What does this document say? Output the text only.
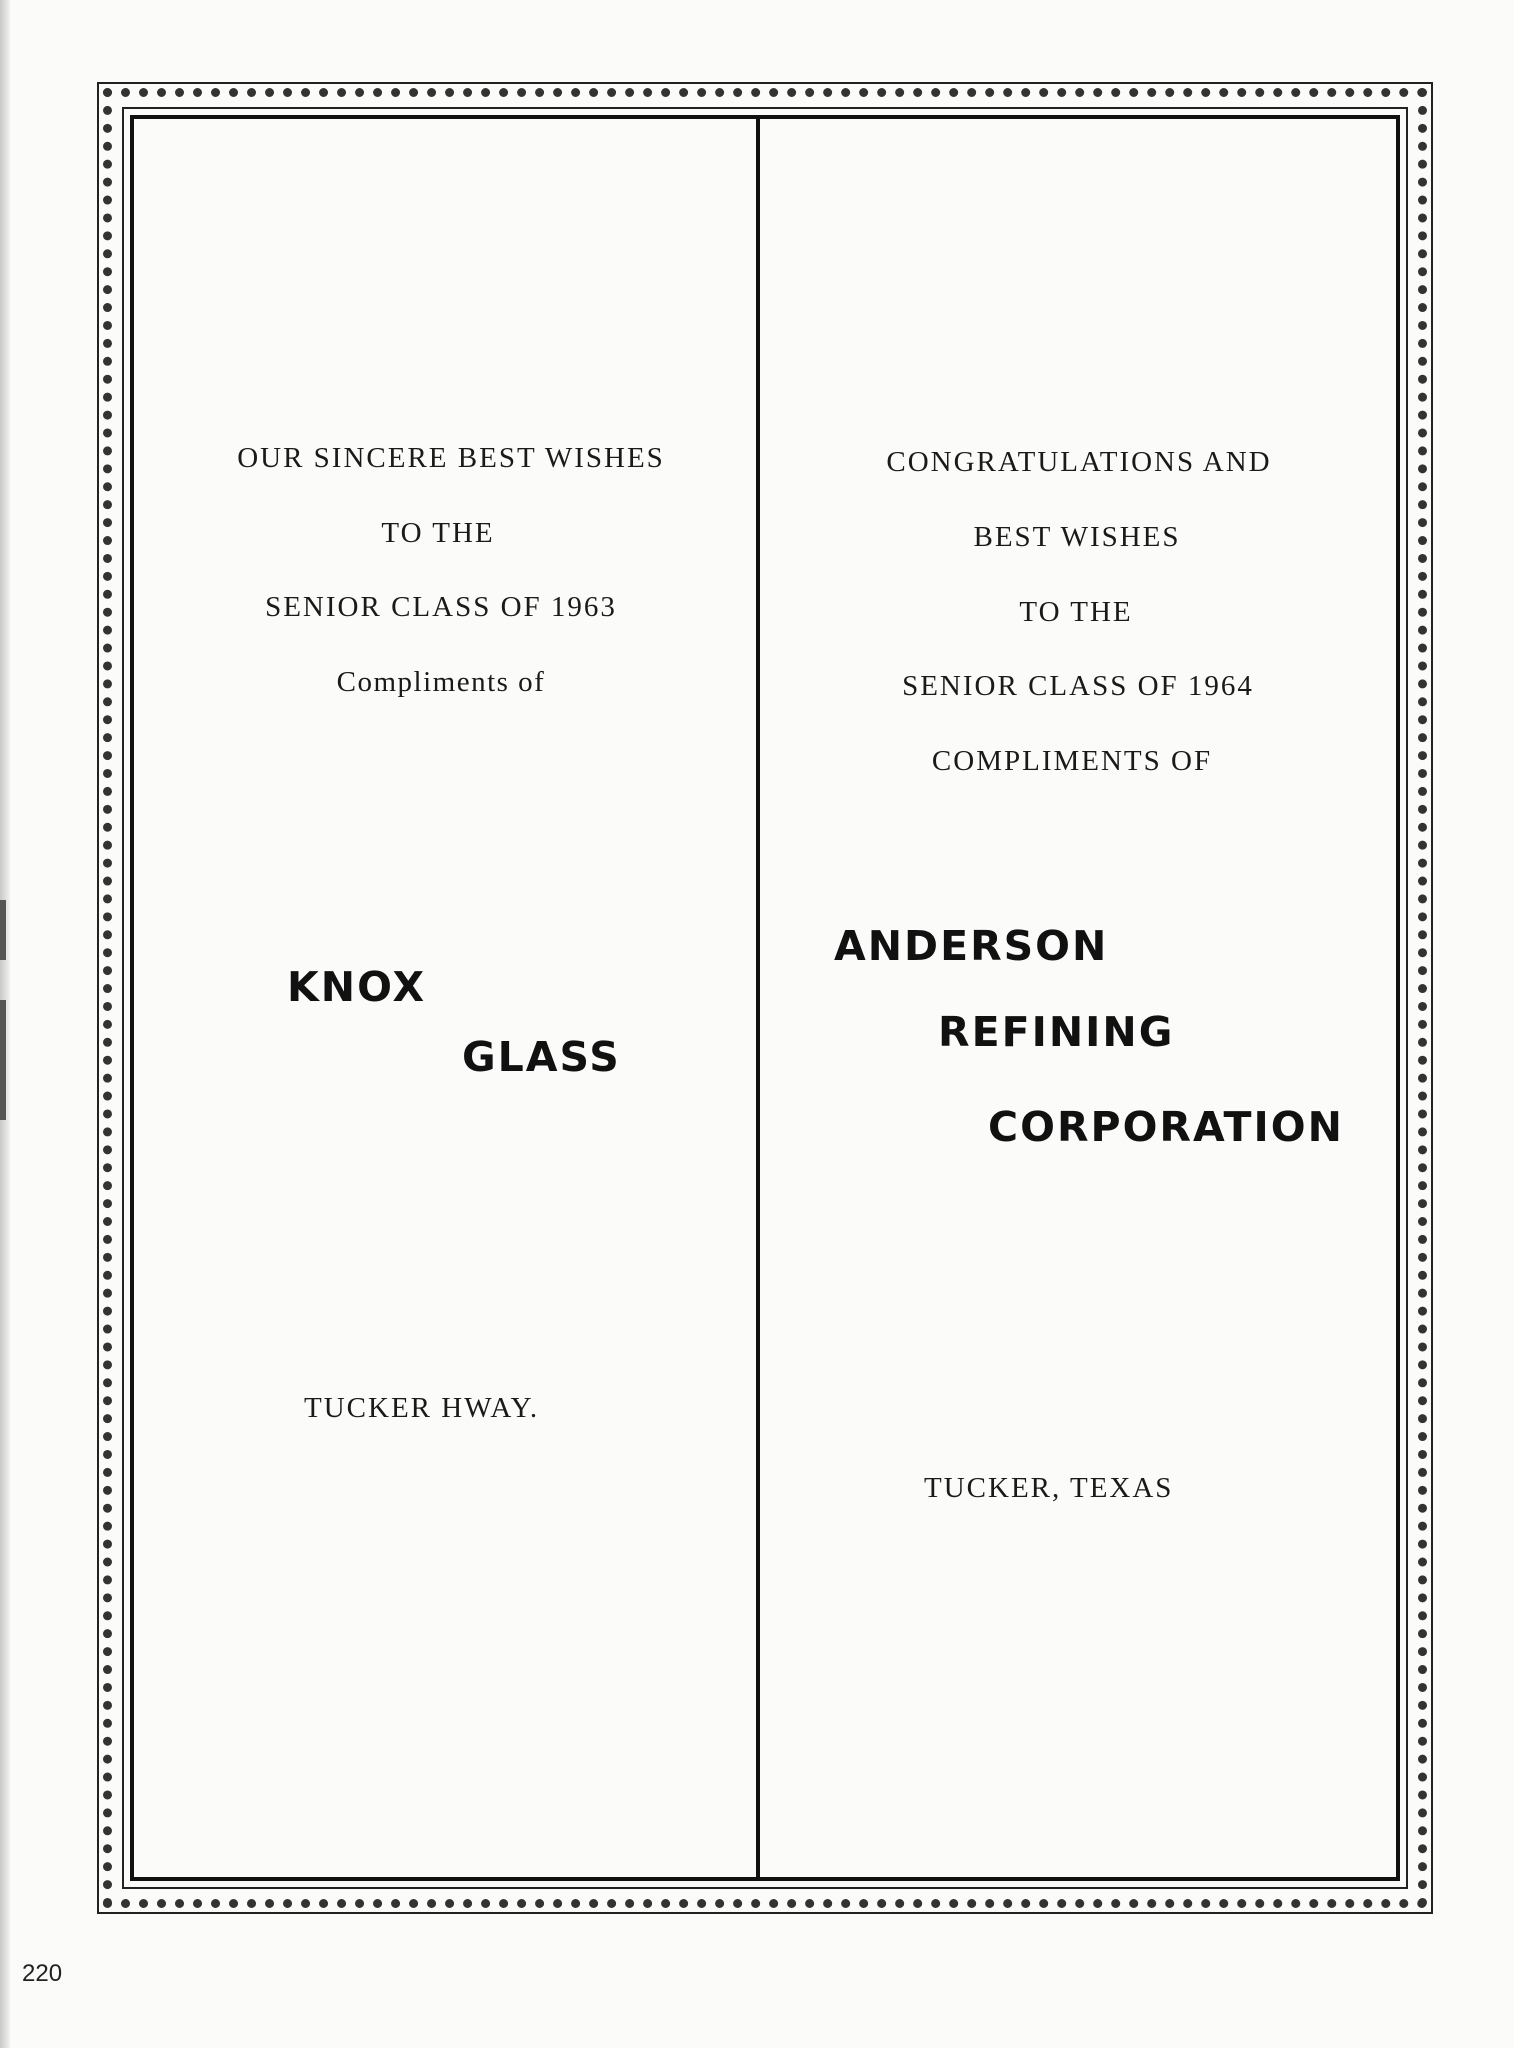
OUR SINCERE BEST WISHES
TO THE
SENIOR CLASS OF 1963
Compliments of
KNOX
GLASS
TUCKER HWAY.
CONGRATULATIONS AND
BEST WISHES
TO THE
SENIOR CLASS OF 1964
COMPLIMENTS OF
ANDERSON
REFINING
CORPORATION
TUCKER, TEXAS
220
